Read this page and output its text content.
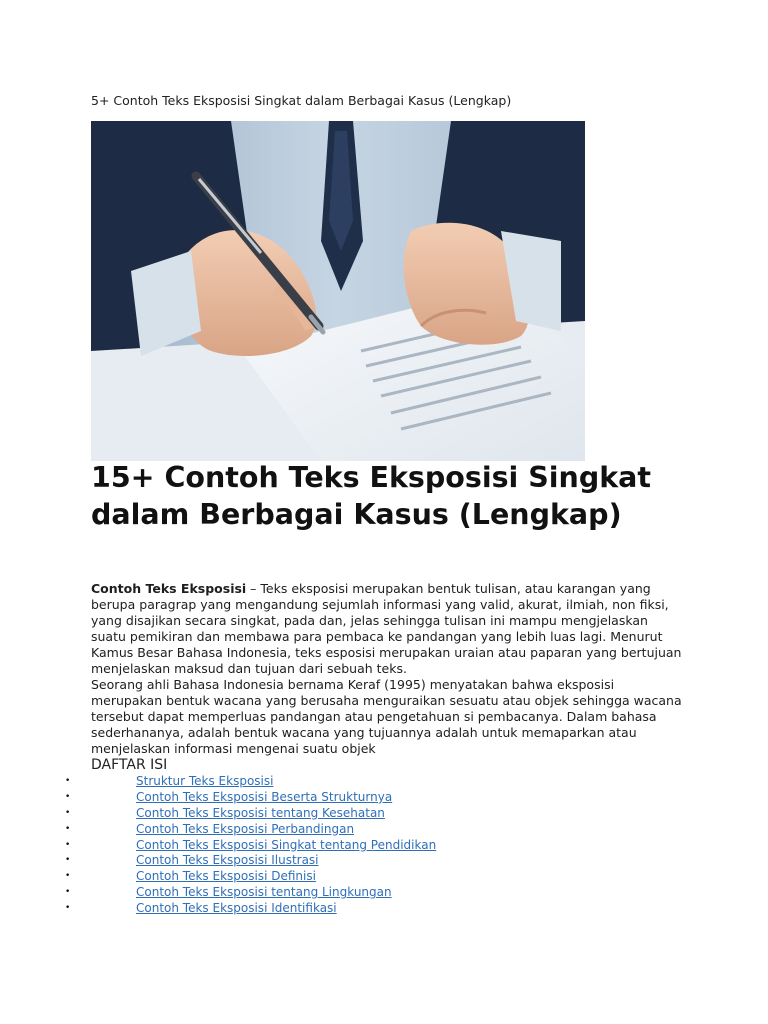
5+ Contoh Teks Eksposisi Singkat dalam Berbagai Kasus (Lengkap)
15+ Contoh Teks Eksposisi Singkat dalam Berbagai Kasus (Lengkap)

Contoh Teks Eksposisi – Teks eksposisi merupakan bentuk tulisan, atau karangan yang berupa paragrap yang mengandung sejumlah informasi yang valid, akurat, ilmiah, non fiksi, yang disajikan secara singkat, pada dan, jelas sehingga tulisan ini mampu mengjelaskan suatu pemikiran dan membawa para pembaca ke pandangan yang lebih luas lagi. Menurut Kamus Besar Bahasa Indonesia, teks esposisi merupakan uraian atau paparan yang bertujuan menjelaskan maksud dan tujuan dari sebuah teks.

Seorang ahli Bahasa Indonesia bernama Keraf (1995) menyatakan bahwa eksposisi merupakan bentuk wacana yang berusaha menguraikan sesuatu atau objek sehingga wacana tersebut dapat memperluas pandangan atau pengetahuan si pembacanya. Dalam bahasa sederhananya, adalah bentuk wacana yang tujuannya adalah untuk memaparkan atau menjelaskan informasi mengenai suatu objek

DAFTAR ISI
•	Struktur Teks Eksposisi
•	Contoh Teks Eksposisi Beserta Strukturnya
•	Contoh Teks Eksposisi tentang Kesehatan
•	Contoh Teks Eksposisi Perbandingan
•	Contoh Teks Eksposisi Singkat tentang Pendidikan
•	Contoh Teks Eksposisi Ilustrasi
•	Contoh Teks Eksposisi Definisi
•	Contoh Teks Eksposisi tentang Lingkungan
•	Contoh Teks Eksposisi Identifikasi
